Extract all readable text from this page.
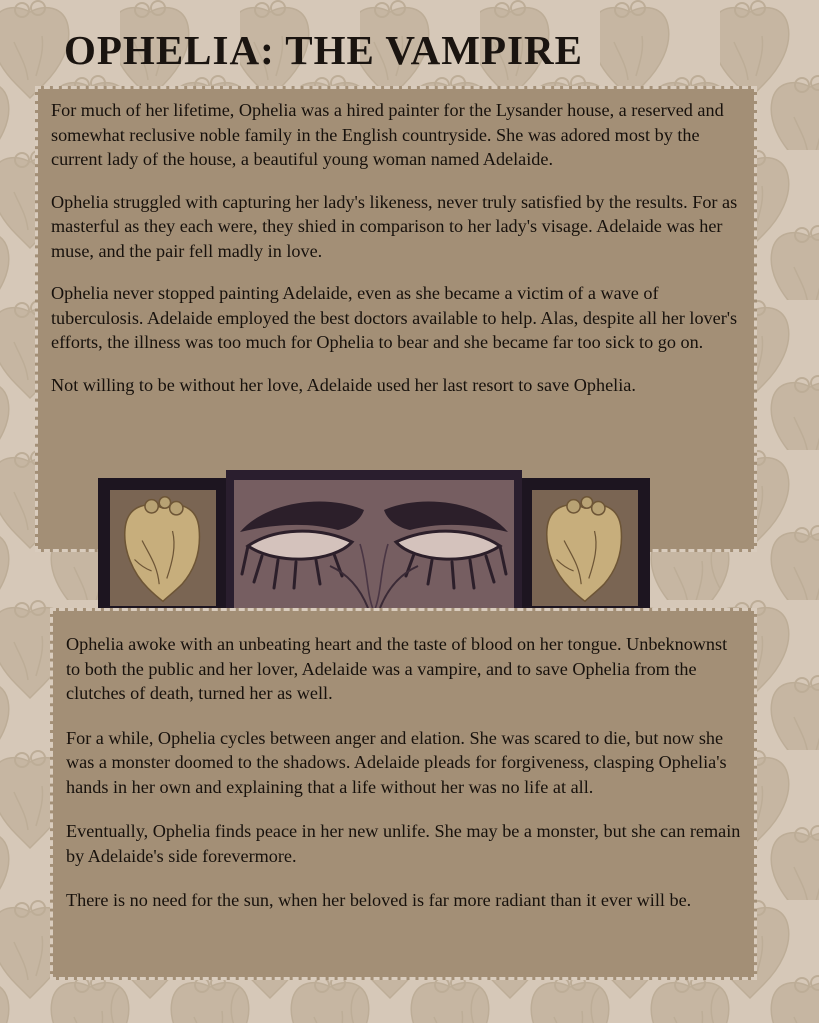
OPHELIA: THE VAMPIRE

For much of her lifetime, Ophelia was a hired painter for the Lysander house, a reserved and somewhat reclusive noble family in the English countryside. She was adored most by the current lady of the house, a beautiful young woman named Adelaide.

Ophelia struggled with capturing her lady's likeness, never truly satisfied by the results. For as masterful as they each were, they shied in comparison to her lady's visage. Adelaide was her muse, and the pair fell madly in love.

Ophelia never stopped painting Adelaide, even as she became a victim of a wave of tuberculosis. Adelaide employed the best doctors available to help. Alas, despite all her lover's efforts, the illness was too much for Ophelia to bear and she became far too sick to go on.

Not willing to be without her love, Adelaide used her last resort to save Ophelia.

Ophelia awoke with an unbeating heart and the taste of blood on her tongue. Unbeknownst to both the public and her lover, Adelaide was a vampire, and to save Ophelia from the clutches of death, turned her as well.

For a while, Ophelia cycles between anger and elation. She was scared to die, but now she was a monster doomed to the shadows. Adelaide pleads for forgiveness, clasping Ophelia's hands in her own and explaining that a life without her was no life at all.

Eventually, Ophelia finds peace in her new unlife. She may be a monster, but she can remain by Adelaide's side forevermore.

There is no need for the sun, when her beloved is far more radiant than it ever will be.
